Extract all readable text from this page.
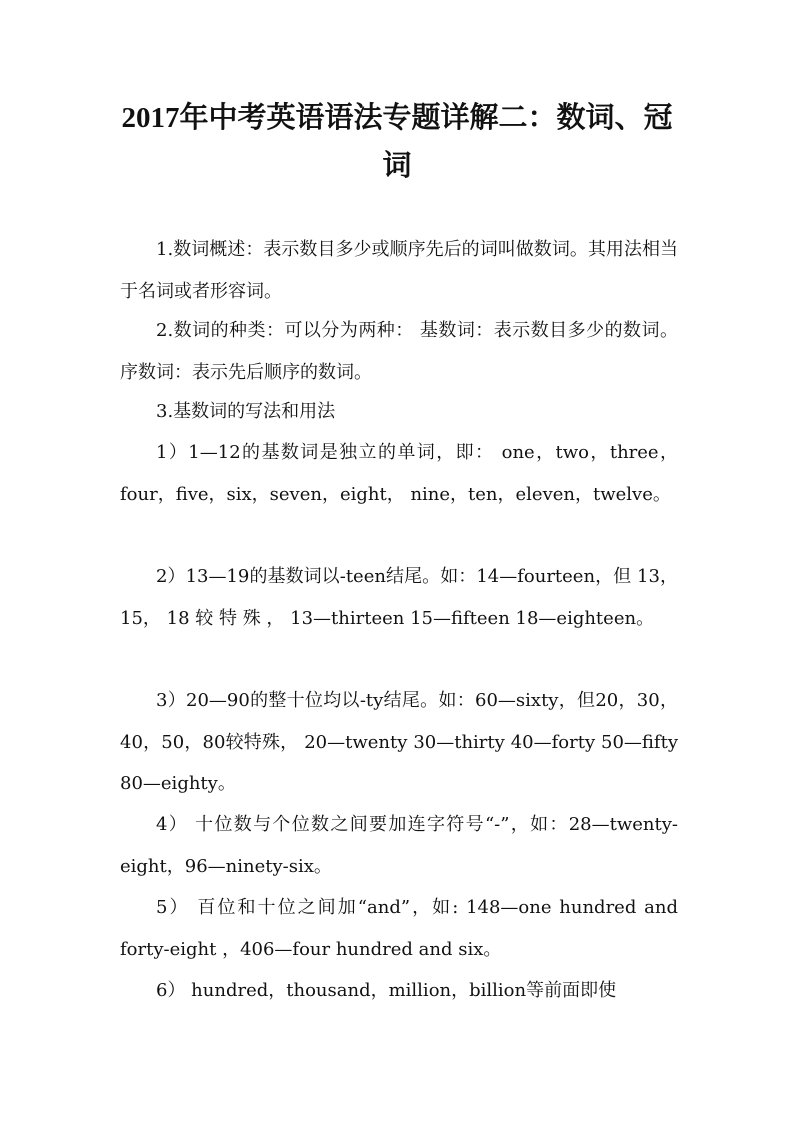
2017年中考英语语法专题详解二：数词、冠词

1.数词概述：表示数目多少或顺序先后的词叫做数词。其用法相当于名词或者形容词。

2.数词的种类：可以分为两种： 基数词：表示数目多少的数词。序数词：表示先后顺序的数词。

3.基数词的写法和用法

1）1—12的基数词是独立的单词，即： one，two，three，four，five，six，seven，eight， nine，ten，eleven，twelve。

2）13—19的基数词以-teen结尾。如：14—fourteen，但 13， 15， 18 较 特 殊 ， 13—thirteen 15—fifteen 18—eighteen。

3）20—90的整十位均以-ty结尾。如：60—sixty，但20，30，40，50，80较特殊， 20—twenty 30—thirty 40—forty 50—fifty 80—eighty。

4） 十位数与个位数之间要加连字符号“-”，如：28—twenty-eight，96—ninety-six。

5） 百位和十位之间加“and”，如: 148—one hundred and forty-eight ，406—four hundred and six。

6） hundred，thousand，million，billion等前面即使
